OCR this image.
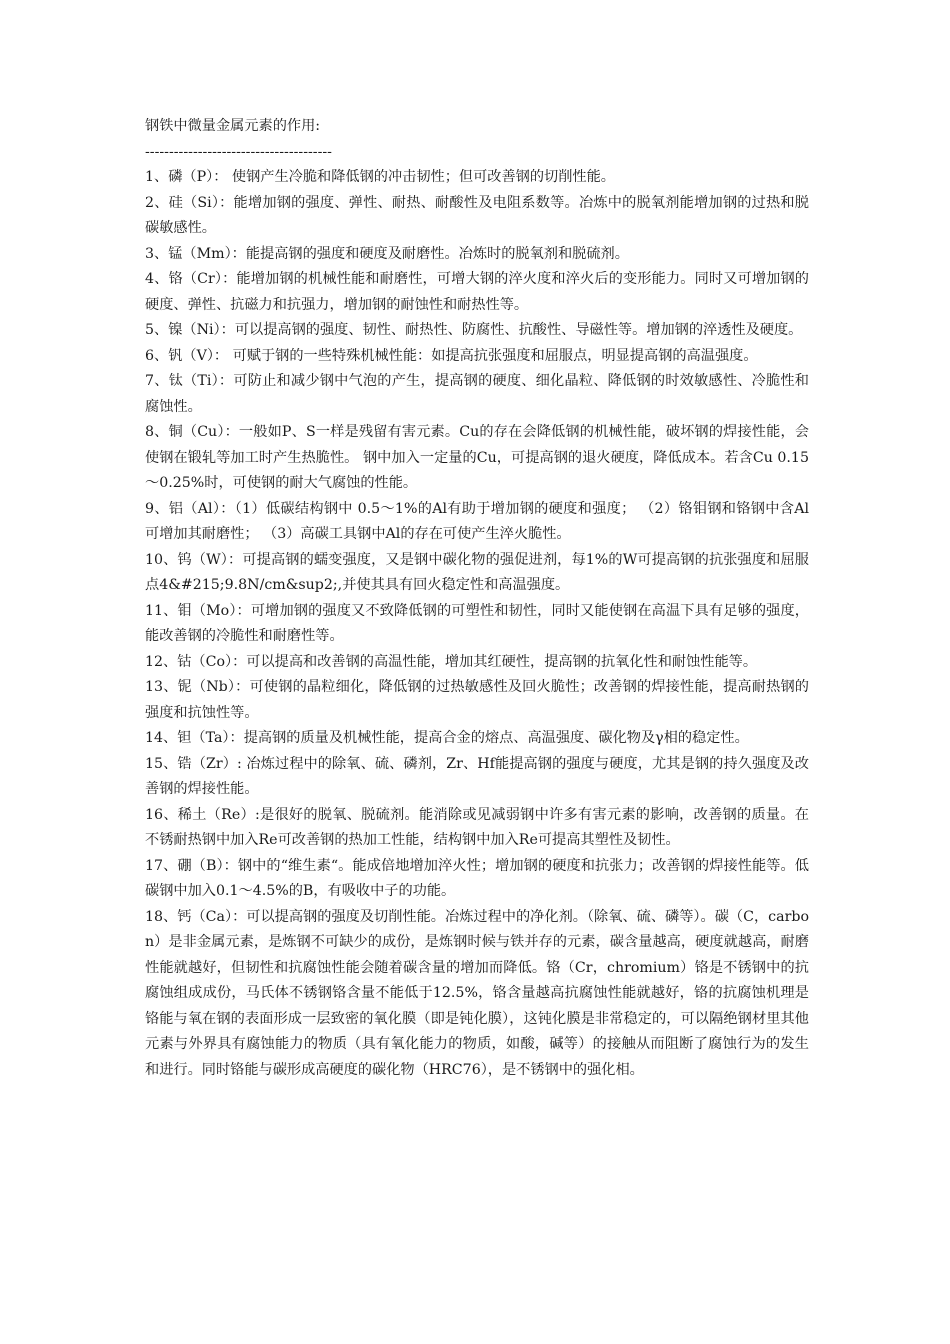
钢铁中微量金属元素的作用:
---------------------------------------

1、磷（P）： 使钢产生冷脆和降低钢的冲击韧性；但可改善钢的切削性能。

2、硅（Si）：能增加钢的强度、弹性、耐热、耐酸性及电阻系数等。冶炼中的脱氧剂能增加钢的过热和脱碳敏感性。

3、锰（Mm）：能提高钢的强度和硬度及耐磨性。冶炼时的脱氧剂和脱硫剂。

4、铬（Cr）：能增加钢的机械性能和耐磨性，可增大钢的淬火度和淬火后的变形能力。同时又可增加钢的硬度、弹性、抗磁力和抗强力，增加钢的耐蚀性和耐热性等。

5、镍（Ni）：可以提高钢的强度、韧性、耐热性、防腐性、抗酸性、导磁性等。增加钢的淬透性及硬度。

6、钒（V）： 可赋于钢的一些特殊机械性能：如提高抗张强度和屈服点，明显提高钢的高温强度。

7、钛（Ti）：可防止和减少钢中气泡的产生，提高钢的硬度、细化晶粒、降低钢的时效敏感性、冷脆性和腐蚀性。

8、铜（Cu）：一般如P、S一样是残留有害元素。Cu的存在会降低钢的机械性能，破坏钢的焊接性能，会使钢在锻轧等加工时产生热脆性。 钢中加入一定量的Cu，可提高钢的退火硬度，降低成本。若含Cu 0.15～0.25%时，可使钢的耐大气腐蚀的性能。

9、铝（Al）：（1）低碳结构钢中 0.5～1%的Al有助于增加钢的硬度和强度； （2）铬钼钢和铬钢中含Al可增加其耐磨性； （3）高碳工具钢中Al的存在可使产生淬火脆性。

10、钨（W）：可提高钢的蠕变强度，又是钢中碳化物的强促进剂，每1%的W可提高钢的抗张强度和屈服点4&#215;9.8N/cm&sup2;,并使其具有回火稳定性和高温强度。

11、钼（Mo）：可增加钢的强度又不致降低钢的可塑性和韧性，同时又能使钢在高温下具有足够的强度，能改善钢的冷脆性和耐磨性等。

12、钴（Co）：可以提高和改善钢的高温性能，增加其红硬性，提高钢的抗氧化性和耐蚀性能等。

13、铌（Nb）：可使钢的晶粒细化，降低钢的过热敏感性及回火脆性；改善钢的焊接性能，提高耐热钢的强度和抗蚀性等。

14、钽（Ta）：提高钢的质量及机械性能，提高合金的熔点、高温强度、碳化物及γ相的稳定性。

15、锆（Zr）: 冶炼过程中的除氧、硫、磷剂，Zr、Hf能提高钢的强度与硬度，尤其是钢的持久强度及改善钢的焊接性能。

16、稀土（Re）:是很好的脱氧、脱硫剂。能消除或见减弱钢中许多有害元素的影响，改善钢的质量。在不锈耐热钢中加入Re可改善钢的热加工性能，结构钢中加入Re可提高其塑性及韧性。

17、硼（B）：钢中的“维生素“。能成倍地增加淬火性；增加钢的硬度和抗张力；改善钢的焊接性能等。低碳钢中加入0.1～4.5%的B，有吸收中子的功能。

18、钙（Ca）：可以提高钢的强度及切削性能。冶炼过程中的净化剂。（除氧、硫、磷等）。碳（C，carbon）是非金属元素，是炼钢不可缺少的成份，是炼钢时候与铁并存的元素，碳含量越高，硬度就越高，耐磨性能就越好，但韧性和抗腐蚀性能会随着碳含量的增加而降低。铬（Cr，chromium）铬是不锈钢中的抗腐蚀组成成份，马氏体不锈钢铬含量不能低于12.5%，铬含量越高抗腐蚀性能就越好，铬的抗腐蚀机理是铬能与氧在钢的表面形成一层致密的氧化膜（即是钝化膜），这钝化膜是非常稳定的，可以隔绝钢材里其他元素与外界具有腐蚀能力的物质（具有氧化能力的物质，如酸，碱等）的接触从而阻断了腐蚀行为的发生和进行。同时铬能与碳形成高硬度的碳化物（HRC76），是不锈钢中的强化相。
